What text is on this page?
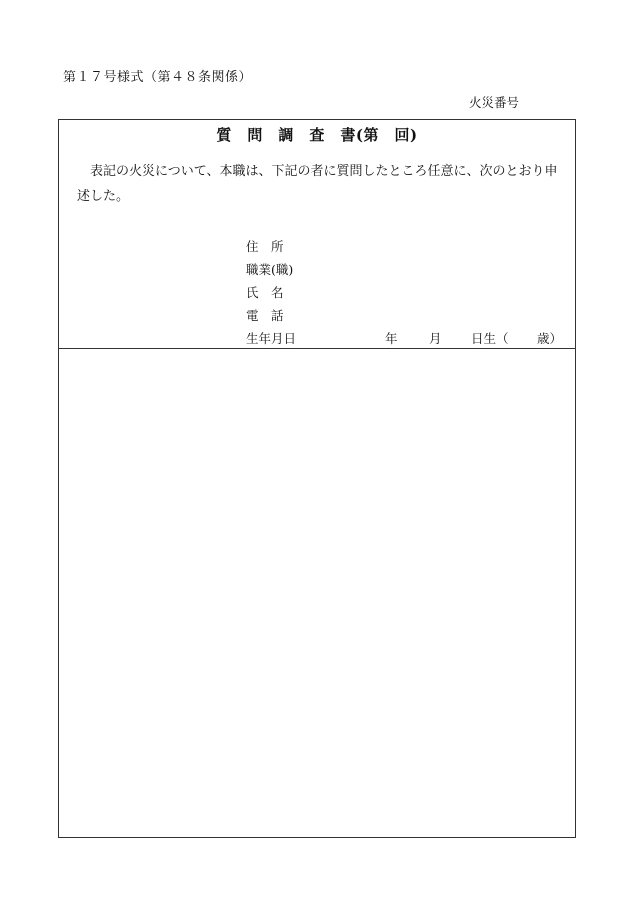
第１７号様式（第４８条関係）
火災番号
質　問　調　査　書(第　回)
表記の火災について、本職は、下記の者に質問したところ任意に、次のとおり申述した。
住　所
職業(職)
氏　名
電　話
生年月日	年	月 日生（ 歳）
